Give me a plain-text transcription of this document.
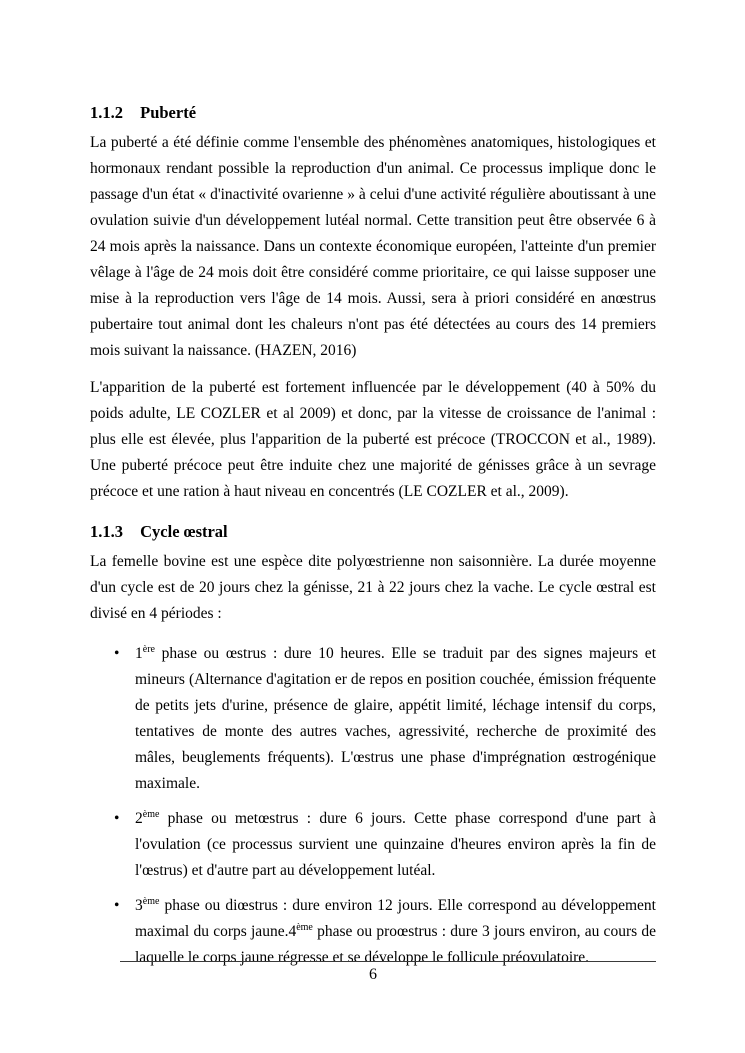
1.1.2 Puberté

La puberté a été définie comme l'ensemble des phénomènes anatomiques, histologiques et hormonaux rendant possible la reproduction d'un animal. Ce processus implique donc le passage d'un état « d'inactivité ovarienne » à celui d'une activité régulière aboutissant à une ovulation suivie d'un développement lutéal normal. Cette transition peut être observée 6 à 24 mois après la naissance. Dans un contexte économique européen, l'atteinte d'un premier vêlage à l'âge de 24 mois doit être considéré comme prioritaire, ce qui laisse supposer une mise à la reproduction vers l'âge de 14 mois. Aussi, sera à priori considéré en anœstrus pubertaire tout animal dont les chaleurs n'ont pas été détectées au cours des 14 premiers mois suivant la naissance. (HAZEN, 2016)

L'apparition de la puberté est fortement influencée par le développement (40 à 50% du poids adulte, LE COZLER et al 2009) et donc, par la vitesse de croissance de l'animal : plus elle est élevée, plus l'apparition de la puberté est précoce (TROCCON et al., 1989). Une puberté précoce peut être induite chez une majorité de génisses grâce à un sevrage précoce et une ration à haut niveau en concentrés (LE COZLER et al., 2009).

1.1.3 Cycle œstral

La femelle bovine est une espèce dite polyœstrienne non saisonnière. La durée moyenne d'un cycle est de 20 jours chez la génisse, 21 à 22 jours chez la vache. Le cycle œstral est divisé en 4 périodes :

• 1ère phase ou œstrus : dure 10 heures. Elle se traduit par des signes majeurs et mineurs (Alternance d'agitation er de repos en position couchée, émission fréquente de petits jets d'urine, présence de glaire, appétit limité, léchage intensif du corps, tentatives de monte des autres vaches, agressivité, recherche de proximité des mâles, beuglements fréquents). L'œstrus une phase d'imprégnation œstrogénique maximale.
• 2ème phase ou metœstrus : dure 6 jours. Cette phase correspond d'une part à l'ovulation (ce processus survient une quinzaine d'heures environ après la fin de l'œstrus) et d'autre part au développement lutéal.
• 3ème phase ou diœstrus : dure environ 12 jours. Elle correspond au développement maximal du corps jaune.4ème phase ou proœstrus : dure 3 jours environ, au cours de laquelle le corps jaune régresse et se développe le follicule préovulatoire.
6
